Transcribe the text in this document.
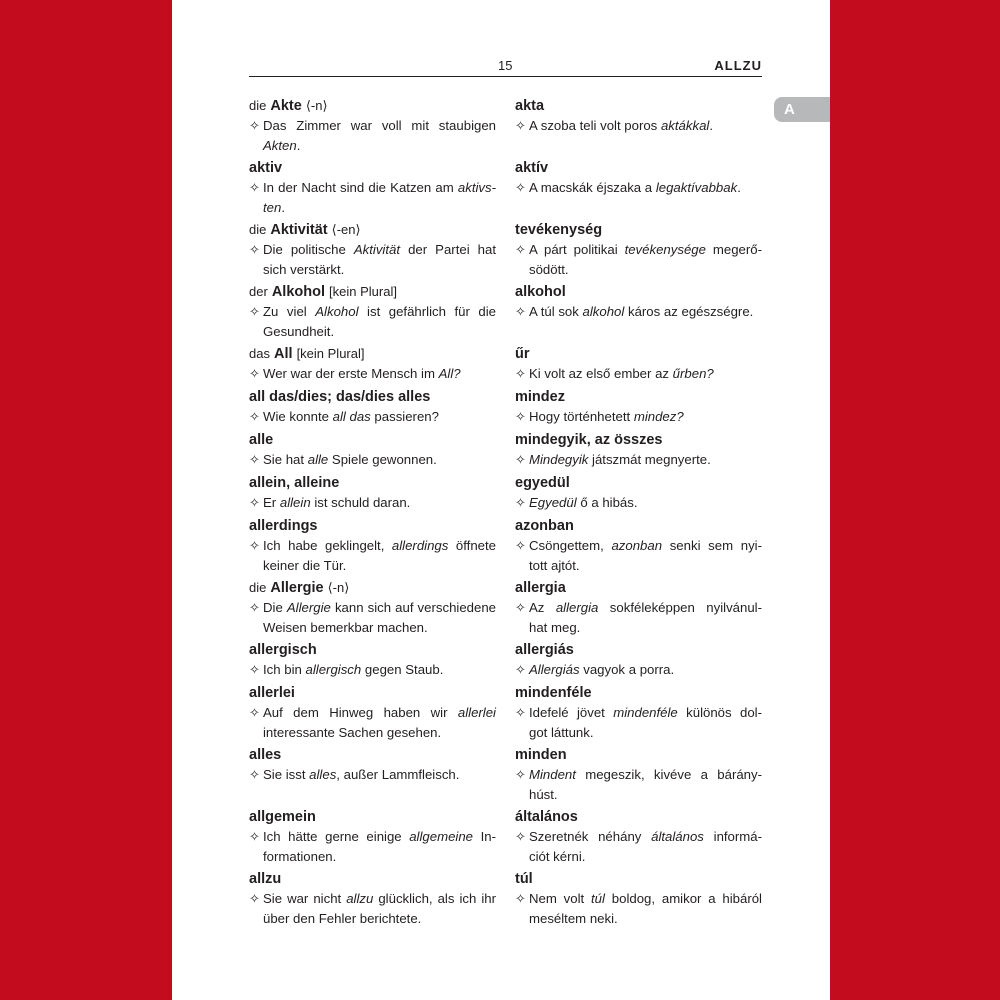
A
15	ALLZU
die Akte ⟨-n⟩
✧ Das Zimmer war voll mit staubigen
Akten.
akta
✧ A szoba teli volt poros aktákkal.
aktiv
✧ In der Nacht sind die Katzen am aktivs-
ten.
aktív
✧ A macskák éjszaka a legaktívabbak.
die Aktivität ⟨-en⟩
✧ Die politische Aktivität der Partei hat
sich verstärkt.
tevékenység
✧ A párt politikai tevékenysége megerő-
södött.
der Alkohol [kein Plural]
✧ Zu viel Alkohol ist gefährlich für die
Gesundheit.
alkohol
✧ A túl sok alkohol káros az egészségre.
das All [kein Plural]
✧ Wer war der erste Mensch im All?
űr
✧ Ki volt az első ember az űrben?
all das/dies; das/dies alles
✧ Wie konnte all das passieren?
mindez
✧ Hogy történhetett mindez?
alle
✧ Sie hat alle Spiele gewonnen.
mindegyik, az összes
✧ Mindegyik játszmát megnyerte.
allein, alleine
✧ Er allein ist schuld daran.
egyedül
✧ Egyedül ő a hibás.
allerdings
✧ Ich habe geklingelt, allerdings öffnete
keiner die Tür.
azonban
✧ Csöngettem, azonban senki sem nyi-
tott ajtót.
die Allergie ⟨-n⟩
✧ Die Allergie kann sich auf verschiedene
Weisen bemerkbar machen.
allergia
✧ Az allergia sokféleképpen nyilvánul-
hat meg.
allergisch
✧ Ich bin allergisch gegen Staub.
allergiás
✧ Allergiás vagyok a porra.
allerlei
✧ Auf dem Hinweg haben wir allerlei
interessante Sachen gesehen.
mindenféle
✧ Idefelé jövet mindenféle különös dol-
got láttunk.
alles
✧ Sie isst alles, außer Lammfleisch.
minden
✧ Mindent megeszik, kivéve a bárány-
húst.
allgemein
✧ Ich hätte gerne einige allgemeine In-
formationen.
általános
✧ Szeretnék néhány általános informá-
ciót kérni.
allzu
✧ Sie war nicht allzu glücklich, als ich ihr
über den Fehler berichtete.
túl
✧ Nem volt túl boldog, amikor a hibáról
meséltem neki.
